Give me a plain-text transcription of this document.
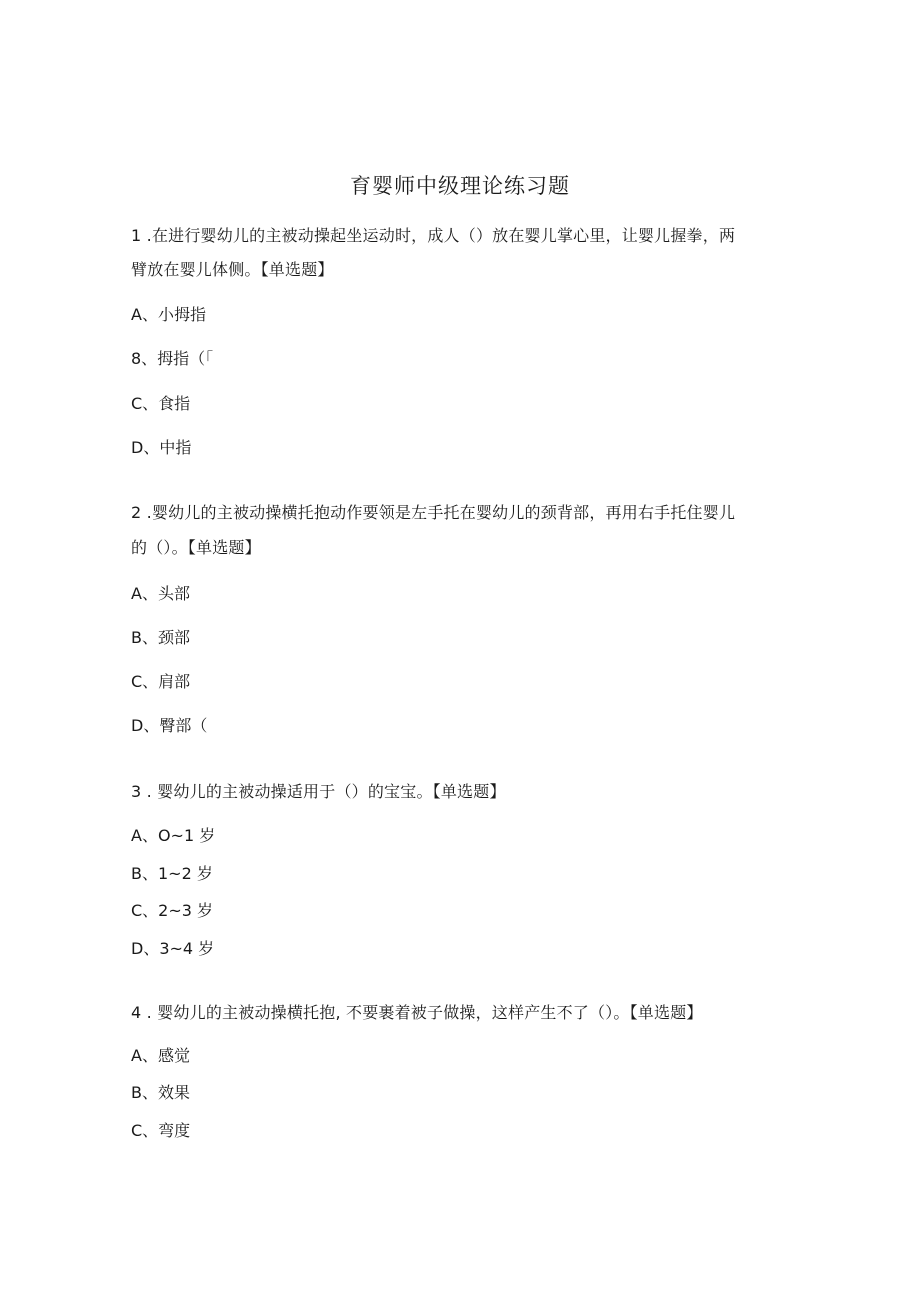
育婴师中级理论练习题
1 .在进行婴幼儿的主被动操起坐运动时，成人（）放在婴儿掌心里，让婴儿握拳，两
臂放在婴儿体侧。【单选题】
A、小拇指
8、拇指（「
C、食指
D、中指
2 .婴幼儿的主被动操横托抱动作要领是左手托在婴幼儿的颈背部，再用右手托住婴儿
的（）。【单选题】
A、头部
B、颈部
C、肩部
D、臀部（
3 . 婴幼儿的主被动操适用于（）的宝宝。【单选题】
A、O~1 岁
B、1~2 岁
C、2~3 岁
D、3~4 岁
4 . 婴幼儿的主被动操横托抱, 不要裹着被子做操，这样产生不了（）。【单选题】
A、感觉
B、效果
C、弯度
